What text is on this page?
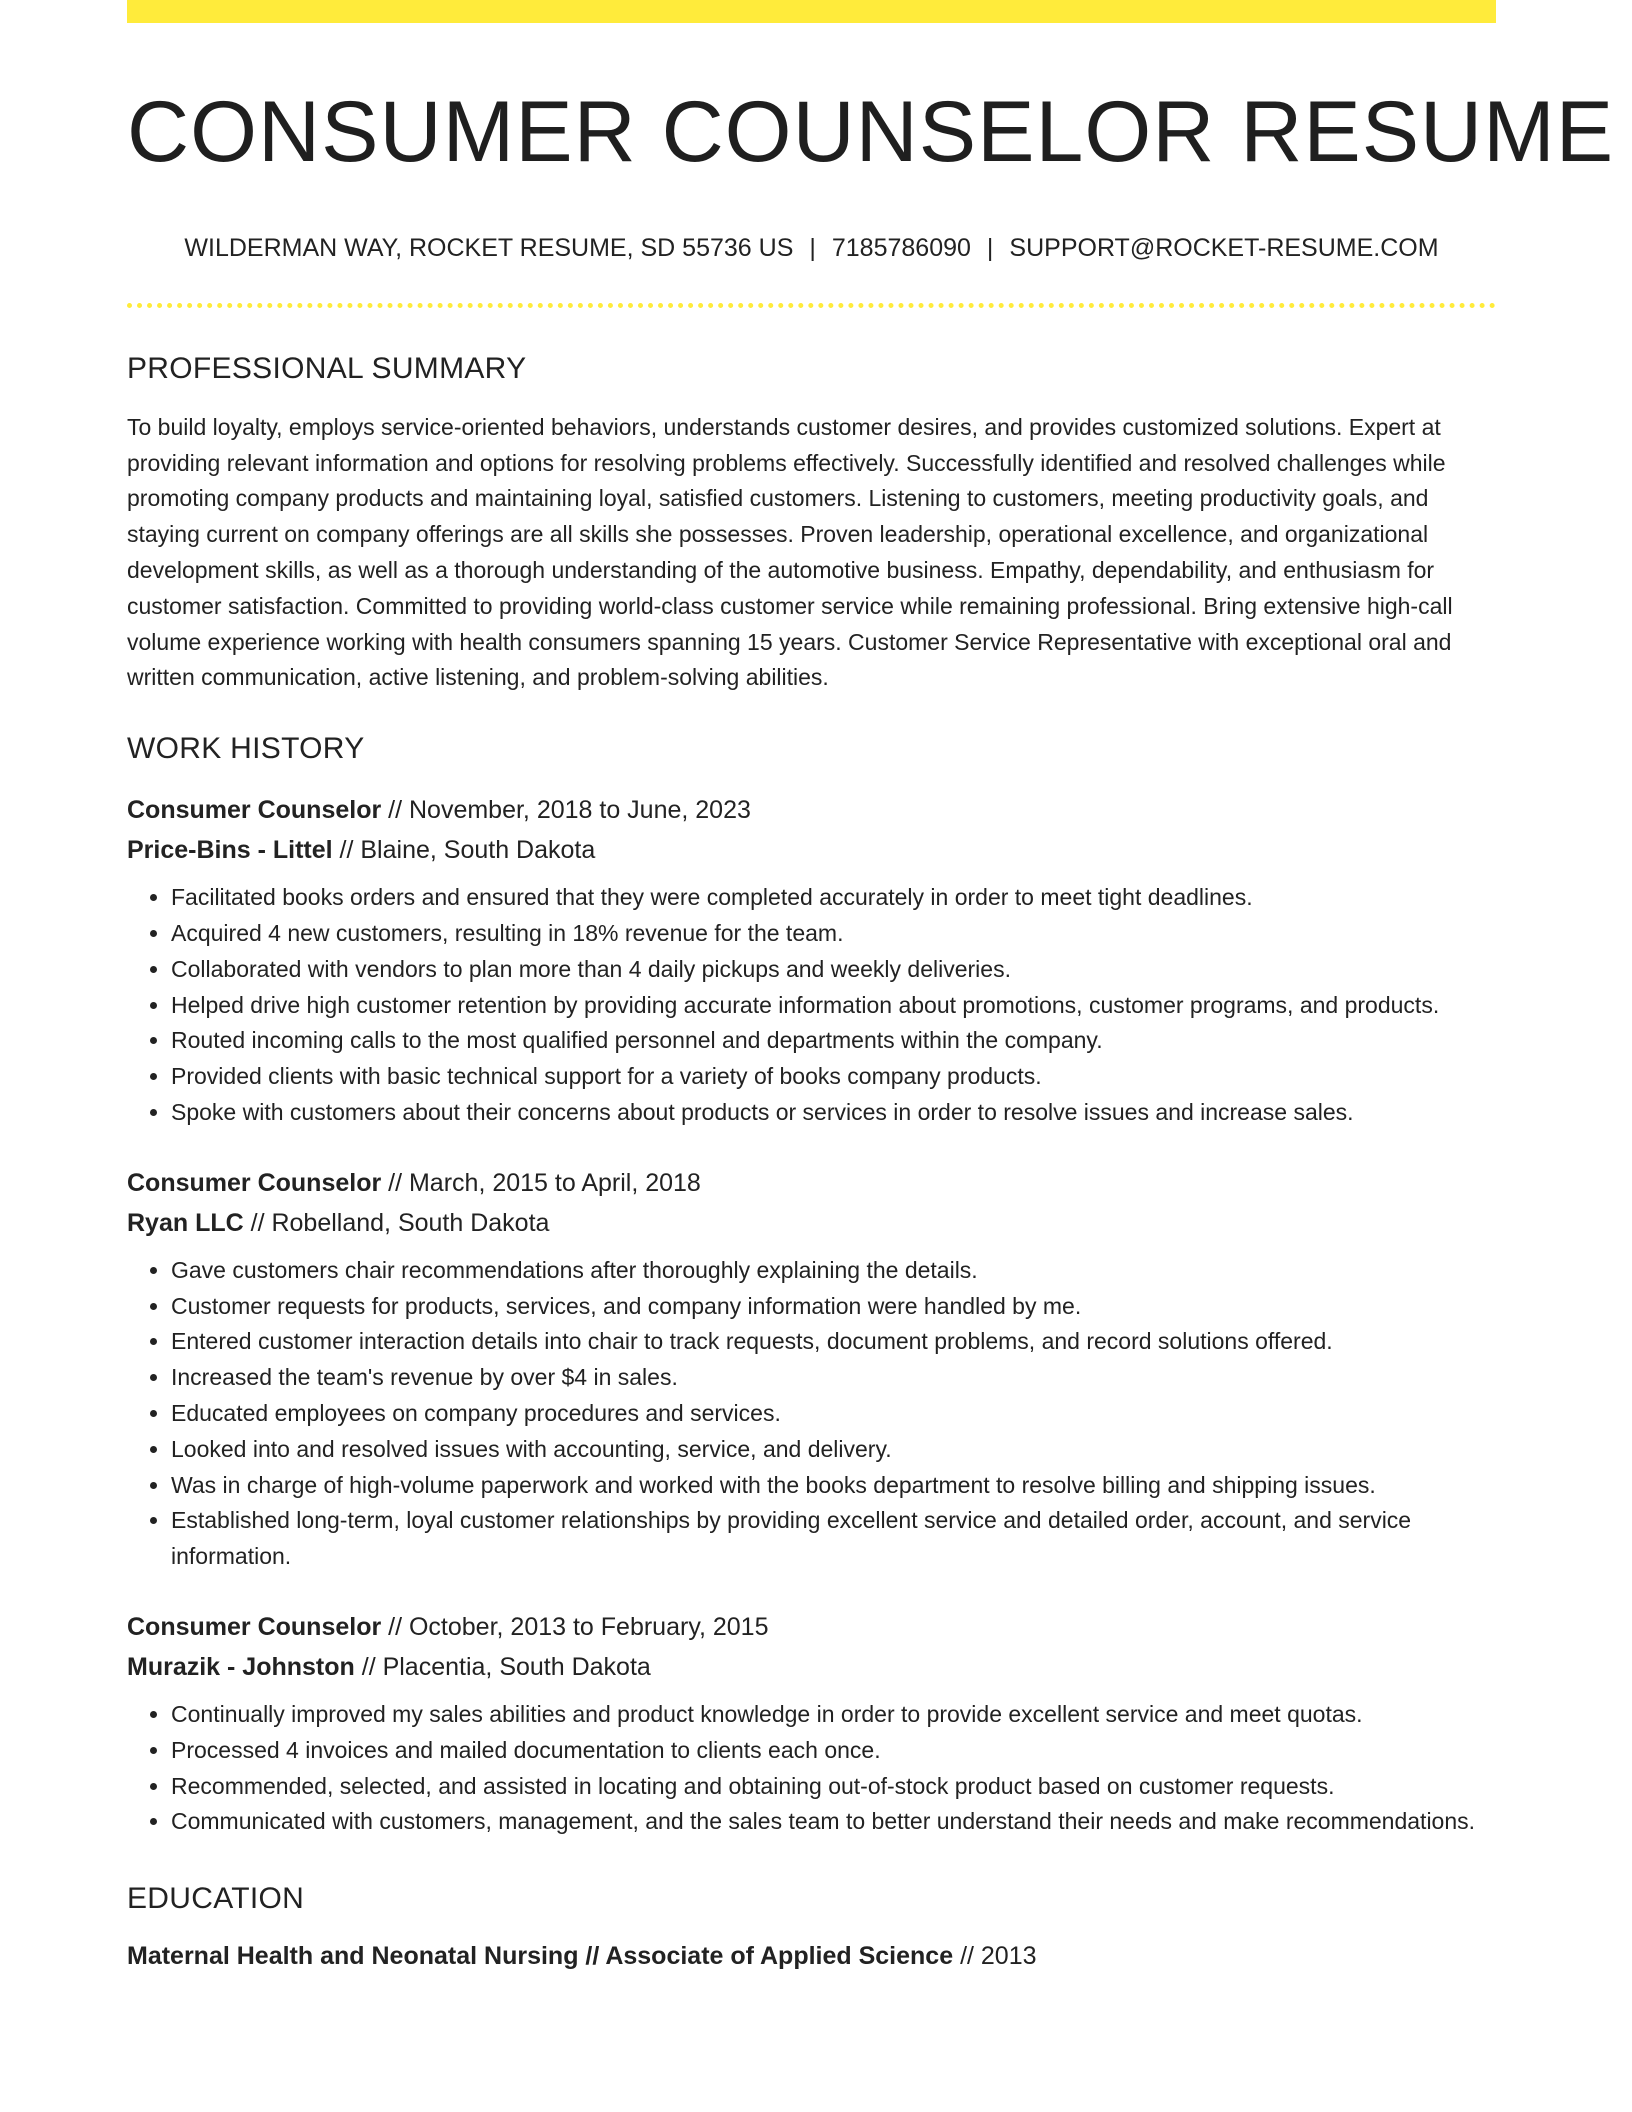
CONSUMER COUNSELOR RESUME
WILDERMAN WAY, ROCKET RESUME, SD 55736 US | 7185786090 | SUPPORT@ROCKET-RESUME.COM
PROFESSIONAL SUMMARY

To build loyalty, employs service-oriented behaviors, understands customer desires, and provides customized solutions. Expert at providing relevant information and options for resolving problems effectively. Successfully identified and resolved challenges while promoting company products and maintaining loyal, satisfied customers. Listening to customers, meeting productivity goals, and staying current on company offerings are all skills she possesses. Proven leadership, operational excellence, and organizational development skills, as well as a thorough understanding of the automotive business. Empathy, dependability, and enthusiasm for customer satisfaction. Committed to providing world-class customer service while remaining professional. Bring extensive high-call volume experience working with health consumers spanning 15 years. Customer Service Representative with exceptional oral and written communication, active listening, and problem-solving abilities.

WORK HISTORY
Consumer Counselor // November, 2018 to June, 2023
Price-Bins - Littel // Blaine, South Dakota
• Facilitated books orders and ensured that they were completed accurately in order to meet tight deadlines.
• Acquired 4 new customers, resulting in 18% revenue for the team.
• Collaborated with vendors to plan more than 4 daily pickups and weekly deliveries.
• Helped drive high customer retention by providing accurate information about promotions, customer programs, and products.
• Routed incoming calls to the most qualified personnel and departments within the company.
• Provided clients with basic technical support for a variety of books company products.
• Spoke with customers about their concerns about products or services in order to resolve issues and increase sales.
Consumer Counselor // March, 2015 to April, 2018
Ryan LLC // Robelland, South Dakota
• Gave customers chair recommendations after thoroughly explaining the details.
• Customer requests for products, services, and company information were handled by me.
• Entered customer interaction details into chair to track requests, document problems, and record solutions offered.
• Increased the team's revenue by over $4 in sales.
• Educated employees on company procedures and services.
• Looked into and resolved issues with accounting, service, and delivery.
• Was in charge of high-volume paperwork and worked with the books department to resolve billing and shipping issues.
• Established long-term, loyal customer relationships by providing excellent service and detailed order, account, and service information.
Consumer Counselor // October, 2013 to February, 2015
Murazik - Johnston // Placentia, South Dakota
• Continually improved my sales abilities and product knowledge in order to provide excellent service and meet quotas.
• Processed 4 invoices and mailed documentation to clients each once.
• Recommended, selected, and assisted in locating and obtaining out-of-stock product based on customer requests.
• Communicated with customers, management, and the sales team to better understand their needs and make recommendations.
EDUCATION
Maternal Health and Neonatal Nursing // Associate of Applied Science // 2013
